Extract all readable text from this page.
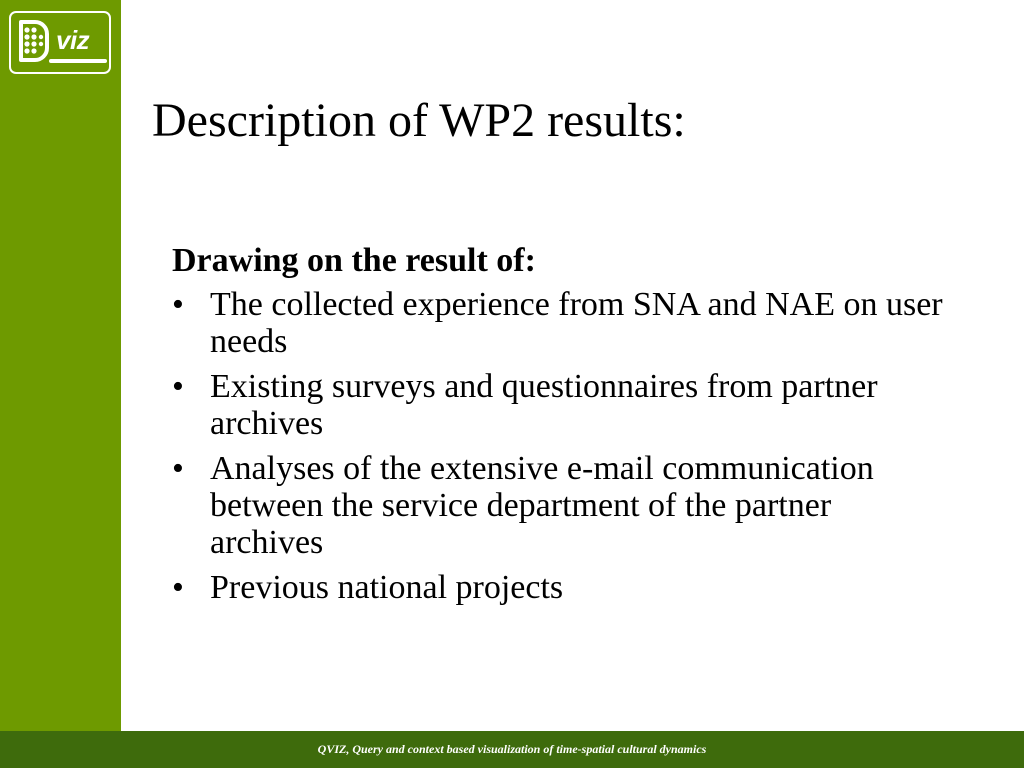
viz
Description of WP2 results:
Drawing on the result of:
• The collected experience from SNA and NAE on user needs
• Existing surveys and questionnaires from partner archives
• Analyses of the extensive e-mail communication between the service department of the partner archives
• Previous national projects
QVIZ, Query and context based visualization of time-spatial cultural dynamics
